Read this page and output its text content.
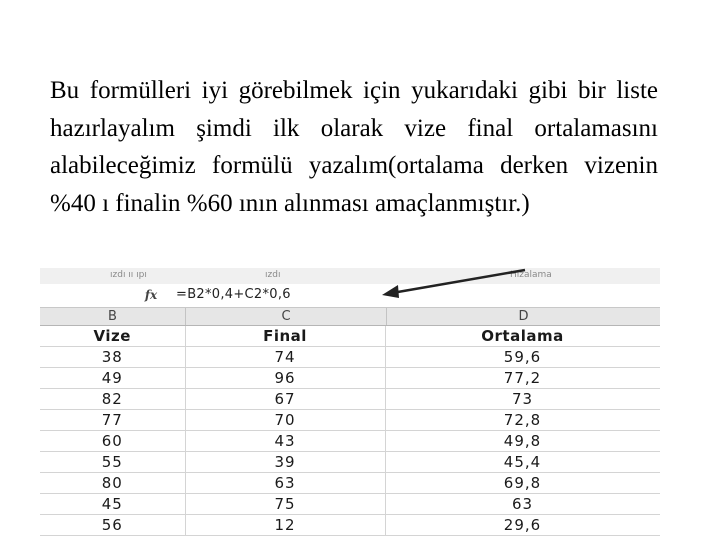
Bu formülleri iyi görebilmek için yukarıdaki gibi bir liste hazırlayalım şimdi ilk olarak vize final ortalamasını alabileceğimiz formülü yazalım(ortalama derken vizenin %40 ı finalin %60 ının alınması amaçlanmıştır.)

ızdı ıı ıpı	ızdı	Hizalama
fx	=B2*0,4+C2*0,6
B	C	D
Vize	Final	Ortalama
38	74	59,6
49	96	77,2
82	67	73
77	70	72,8
60	43	49,8
55	39	45,4
80	63	69,8
45	75	63
56	12	29,6
